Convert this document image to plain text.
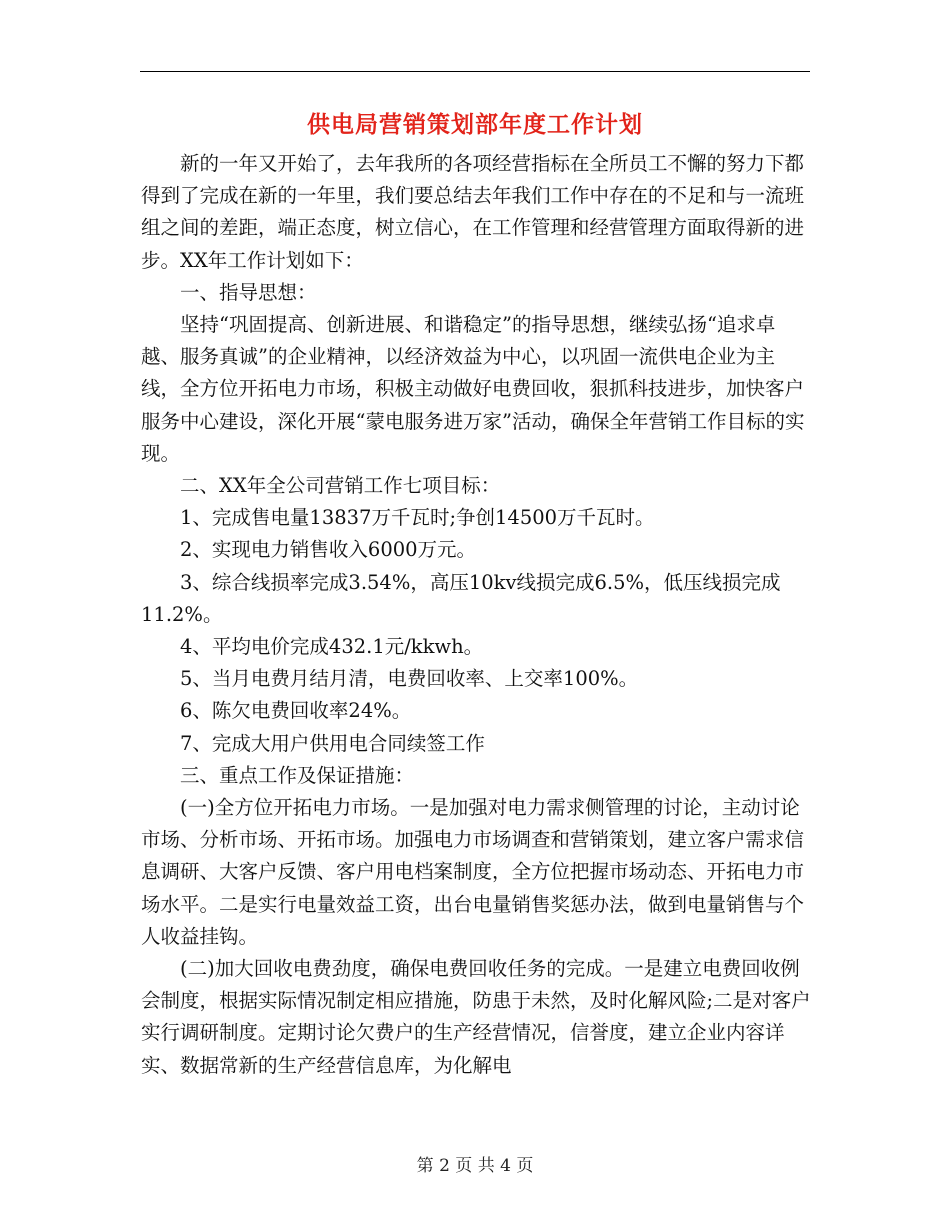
供电局营销策划部年度工作计划

新的一年又开始了，去年我所的各项经营指标在全所员工不懈的努力下都得到了完成在新的一年里，我们要总结去年我们工作中存在的不足和与一流班组之间的差距，端正态度，树立信心，在工作管理和经营管理方面取得新的进步。XX年工作计划如下：

一、指导思想：

坚持“巩固提高、创新进展、和谐稳定”的指导思想，继续弘扬“追求卓越、服务真诚”的企业精神，以经济效益为中心，以巩固一流供电企业为主线，全方位开拓电力市场，积极主动做好电费回收，狠抓科技进步，加快客户服务中心建设，深化开展“蒙电服务进万家”活动，确保全年营销工作目标的实现。

二、XX年全公司营销工作七项目标：

1、完成售电量13837万千瓦时;争创14500万千瓦时。

2、实现电力销售收入6000万元。

3、综合线损率完成3.54%，高压10kv线损完成6.5%，低压线损完成11.2%。

4、平均电价完成432.1元/kkwh。

5、当月电费月结月清，电费回收率、上交率100%。

6、陈欠电费回收率24%。

7、完成大用户供用电合同续签工作

三、重点工作及保证措施：

(一)全方位开拓电力市场。一是加强对电力需求侧管理的讨论，主动讨论市场、分析市场、开拓市场。加强电力市场调查和营销策划，建立客户需求信息调研、大客户反馈、客户用电档案制度，全方位把握市场动态、开拓电力市场水平。二是实行电量效益工资，出台电量销售奖惩办法，做到电量销售与个人收益挂钩。

(二)加大回收电费劲度，确保电费回收任务的完成。一是建立电费回收例会制度，根据实际情况制定相应措施，防患于未然，及时化解风险;二是对客户实行调研制度。定期讨论欠费户的生产经营情况，信誉度，建立企业内容详实、数据常新的生产经营信息库，为化解电

第 2 页 共 4 页
